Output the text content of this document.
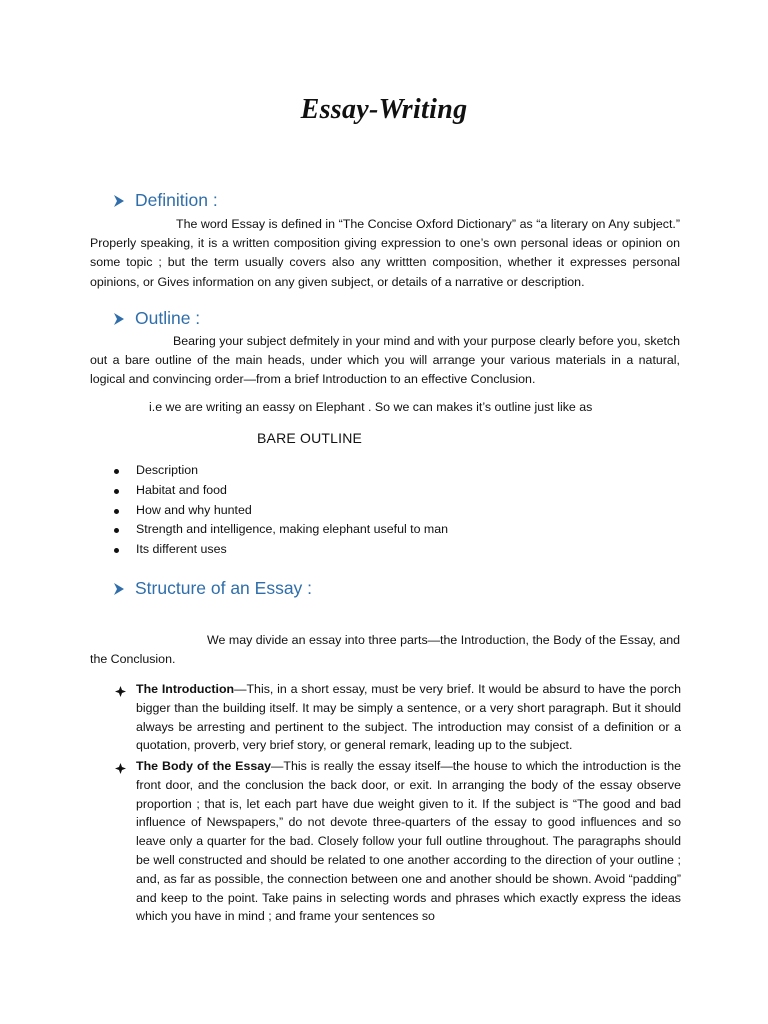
Essay-Writing
Definition :
The word Essay is defined in “The Concise Oxford Dictionary” as “a literary on Any subject.” Properly speaking, it is a written composition giving expression to one’s own personal ideas or opinion on some topic ; but the term usually covers also any writtten composition, whether it expresses personal opinions, or Gives information on any given subject, or details of a narrative or description.
Outline :
Bearing your subject defmitely in your mind and with your purpose clearly before you, sketch out a bare outline of the main heads, under which you will arrange your various materials in a natural, logical and convincing order—from a brief Introduction to an effective Conclusion.
i.e we are writing an eassy on Elephant . So we can makes it’s outline just like as
BARE OUTLINE
Description
Habitat and food
How and why hunted
Strength and intelligence, making elephant useful to man
Its different uses
Structure of an Essay :
We may divide an essay into three parts—the Introduction, the Body of the Essay, and the Conclusion.
The Introduction—This, in a short essay, must be very brief. It would be absurd to have the porch bigger than the building itself. It may be simply a sentence, or a very short paragraph. But it should always be arresting and pertinent to the subject. The introduction may consist of a definition or a quotation, proverb, very brief story, or general remark, leading up to the subject.
The Body of the Essay—This is really the essay itself—the house to which the introduction is the front door, and the conclusion the back door, or exit. In arranging the body of the essay observe proportion ; that is, let each part have due weight given to it. If the subject is “The good and bad influence of Newspapers,” do not devote three-quarters of the essay to good influences and so leave only a quarter for the bad. Closely follow your full outline throughout. The paragraphs should be well constructed and should be related to one another according to the direction of your outline ; and, as far as possible, the connection between one and another should be shown. Avoid “padding” and keep to the point. Take pains in selecting words and phrases which exactly express the ideas which you have in mind ; and frame your sentences so
